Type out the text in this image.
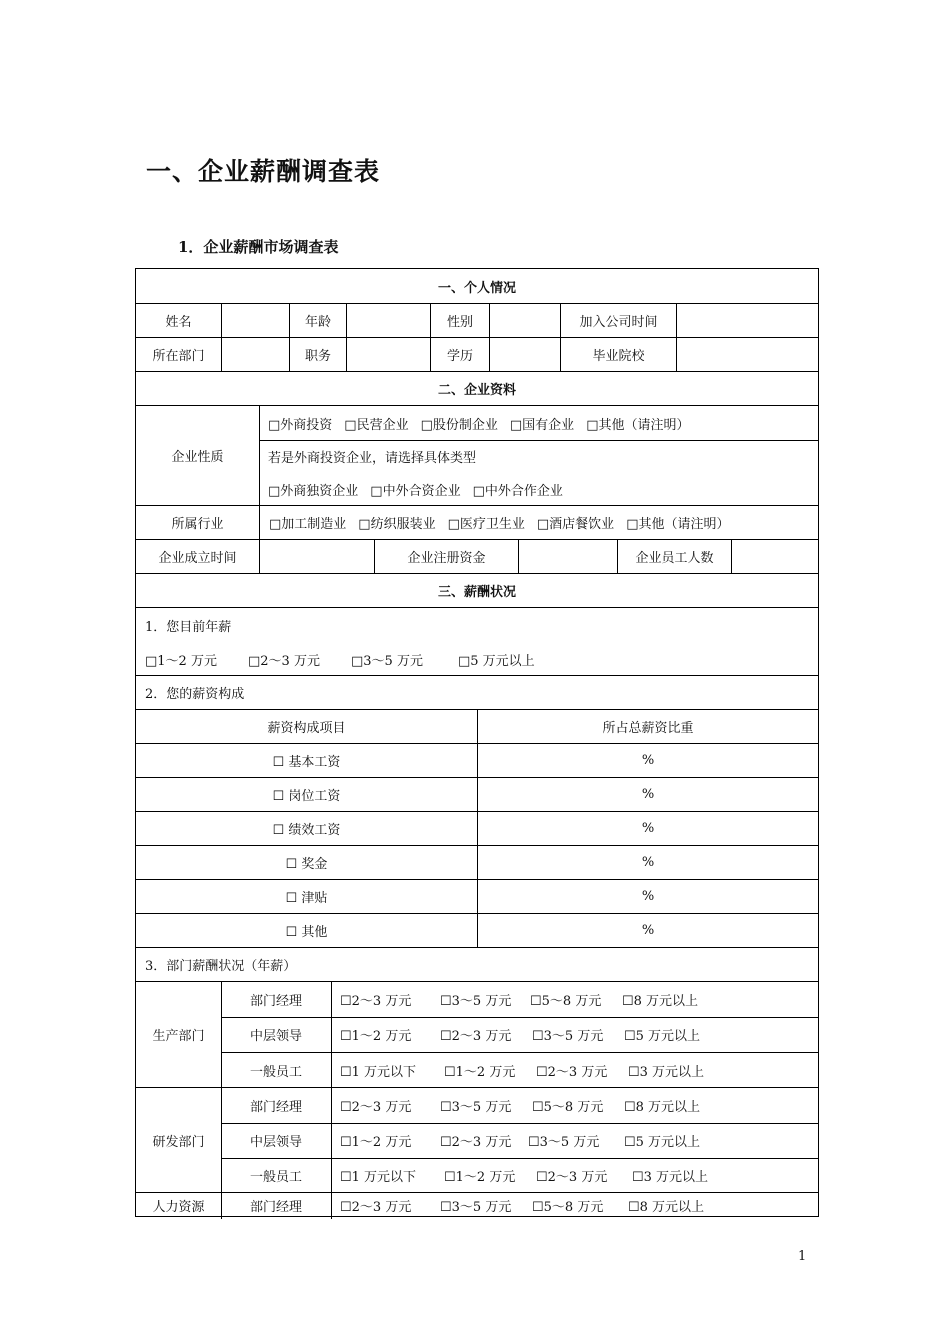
一、企业薪酬调查表
1．企业薪酬市场调查表
一、个人情况
姓名	年龄	性别	加入公司时间
所在部门	职务	学历	毕业院校
二、企业资料
企业性质
□外商投资 □民营企业 □股份制企业 □国有企业 □其他（请注明）
若是外商投资企业，请选择具体类型
□外商独资企业 □中外合资企业 □中外合作企业
所属行业	□加工制造业 □纺织服装业 □医疗卫生业 □酒店餐饮业 □其他（请注明）
企业成立时间	企业注册资金	企业员工人数
三、薪酬状况
1．您目前年薪
□1～2 万元	□2～3 万元	□3～5 万元	□5 万元以上
2．您的薪资构成
薪资构成项目	所占总薪资比重
☐ 基本工资	%
☐ 岗位工资	%
☐ 绩效工资	%
☐ 奖金	%
☐ 津贴	%
☐ 其他	%
3．部门薪酬状况（年薪）
生产部门
部门经理	☐2～3 万元	☐3～5 万元	☐5～8 万元	☐8 万元以上
中层领导	☐1～2 万元	☐2～3 万元	☐3～5 万元	☐5 万元以上
一般员工	☐1 万元以下	☐1～2 万元	☐2～3 万元	☐3 万元以上
研发部门
部门经理	☐2～3 万元	☐3～5 万元	☐5～8 万元	☐8 万元以上
中层领导	☐1～2 万元	☐2～3 万元	☐3～5 万元	☐5 万元以上
一般员工	☐1 万元以下	☐1～2 万元	☐2～3 万元	☐3 万元以上
人力资源	部门经理	☐2～3 万元	☐3～5 万元	☐5～8 万元	☐8 万元以上
1
